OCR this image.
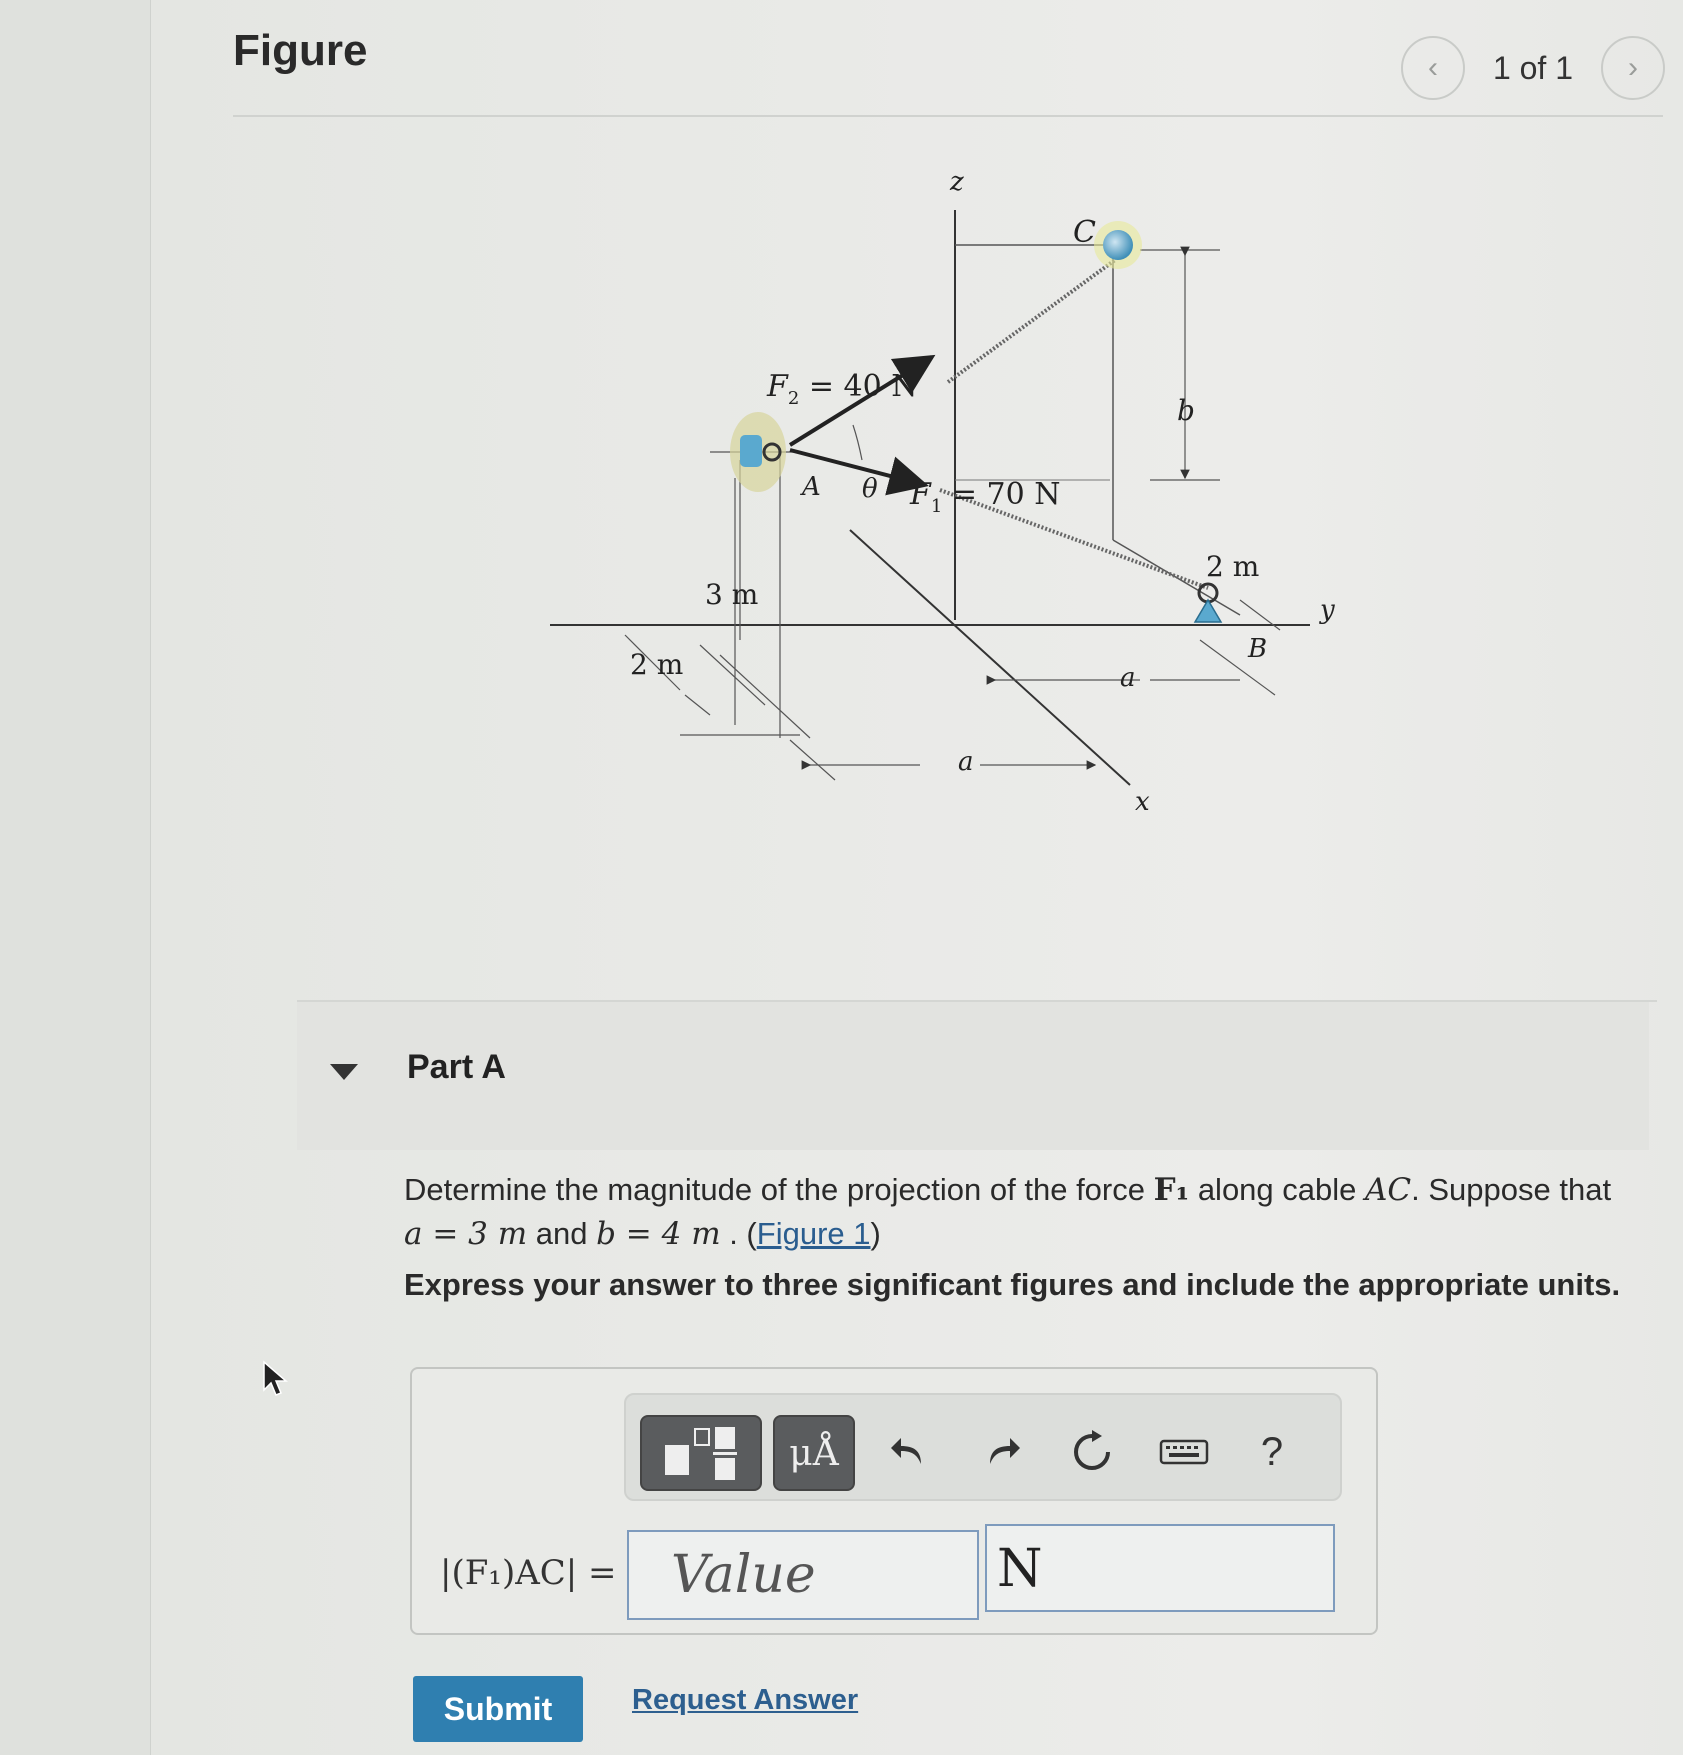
Figure	‹ 1 of 1 ›
z
y
x
C
A
B
$F_2 = 40$ N
$F_1 = 70$ N
θ
b
2 m
3 m
2 m	a
a
Part A
Determine the magnitude of the projection of the force F₁ along cable AC. Suppose that a = 3 m and b = 4 m . (Figure 1)
Express your answer to three significant figures and include the appropriate units.
μÅ	?
|(F₁)AC| =	Value	N
Submit	Request Answer
